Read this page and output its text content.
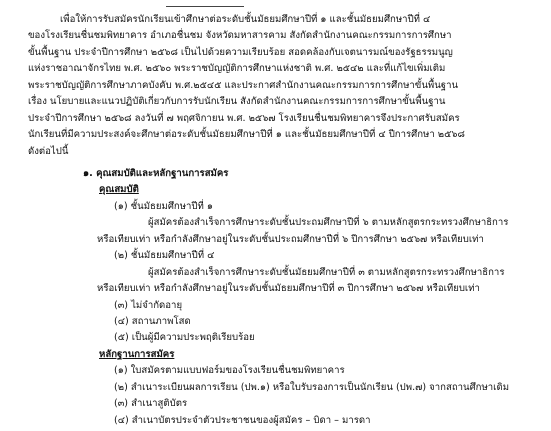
เพื่อให้การรับสมัครนักเรียนเข้าศึกษาต่อระดับชั้นมัธยมศึกษาปีที่ ๑ และชั้นมัธยมศึกษาปีที่ ๔
ของโรงเรียนชื่นชมพิทยาคาร อำเภอชื่นชม จังหวัดมหาสารคาม สังกัดสำนักงานคณะกรรมการการศึกษา
ขั้นพื้นฐาน ประจำปีการศึกษา ๒๕๖๘ เป็นไปด้วยความเรียบร้อย สอดคล้องกับเจตนารมณ์ของรัฐธรรมนูญ
แห่งราชอาณาจักรไทย พ.ศ. ๒๕๖๐ พระราชบัญญัติการศึกษาแห่งชาติ พ.ศ. ๒๕๔๒ และที่แก้ไขเพิ่มเติม
พระราชบัญญัติการศึกษาภาคบังคับ พ.ศ.๒๕๔๕ และประกาศสำนักงานคณะกรรมการการศึกษาขั้นพื้นฐาน
เรื่อง นโยบายและแนวปฏิบัติเกี่ยวกับการรับนักเรียน สังกัดสำนักงานคณะกรรมการการศึกษาขั้นพื้นฐาน
ประจำปีการศึกษา ๒๕๖๘ ลงวันที่ ๗ พฤศจิกายน พ.ศ. ๒๕๖๗ โรงเรียนชื่นชมพิทยาคารจึงประกาศรับสมัคร
นักเรียนที่มีความประสงค์จะศึกษาต่อระดับชั้นมัธยมศึกษาปีที่ ๑ และชั้นมัธยมศึกษาปีที่ ๔ ปีการศึกษา ๒๕๖๘
ดังต่อไปนี้
๑. คุณสมบัติและหลักฐานการสมัคร
คุณสมบัติ
(๑) ชั้นมัธยมศึกษาปีที่ ๑
ผู้สมัครต้องสำเร็จการศึกษาระดับชั้นประถมศึกษาปีที่ ๖ ตามหลักสูตรกระทรวงศึกษาธิการ
หรือเทียบเท่า หรือกำลังศึกษาอยู่ในระดับชั้นประถมศึกษาปีที่ ๖ ปีการศึกษา ๒๕๖๗ หรือเทียบเท่า
(๒) ชั้นมัธยมศึกษาปีที่ ๔
ผู้สมัครต้องสำเร็จการศึกษาระดับชั้นมัธยมศึกษาปีที่ ๓ ตามหลักสูตรกระทรวงศึกษาธิการ
หรือเทียบเท่า หรือกำลังศึกษาอยู่ในระดับชั้นมัธยมศึกษาปีที่ ๓ ปีการศึกษา ๒๕๖๗ หรือเทียบเท่า
(๓) ไม่จำกัดอายุ
(๔) สถานภาพโสด
(๕) เป็นผู้มีความประพฤติเรียบร้อย
หลักฐานการสมัคร
(๑) ใบสมัครตามแบบฟอร์มของโรงเรียนชื่นชมพิทยาคาร
(๒) สำเนาระเบียนผลการเรียน (ปพ.๑) หรือใบรับรองการเป็นนักเรียน (ปพ.๗) จากสถานศึกษาเดิม
(๓) สำเนาสูติบัตร
(๔) สำเนาบัตรประจำตัวประชาชนของผู้สมัคร – บิดา – มารดา
